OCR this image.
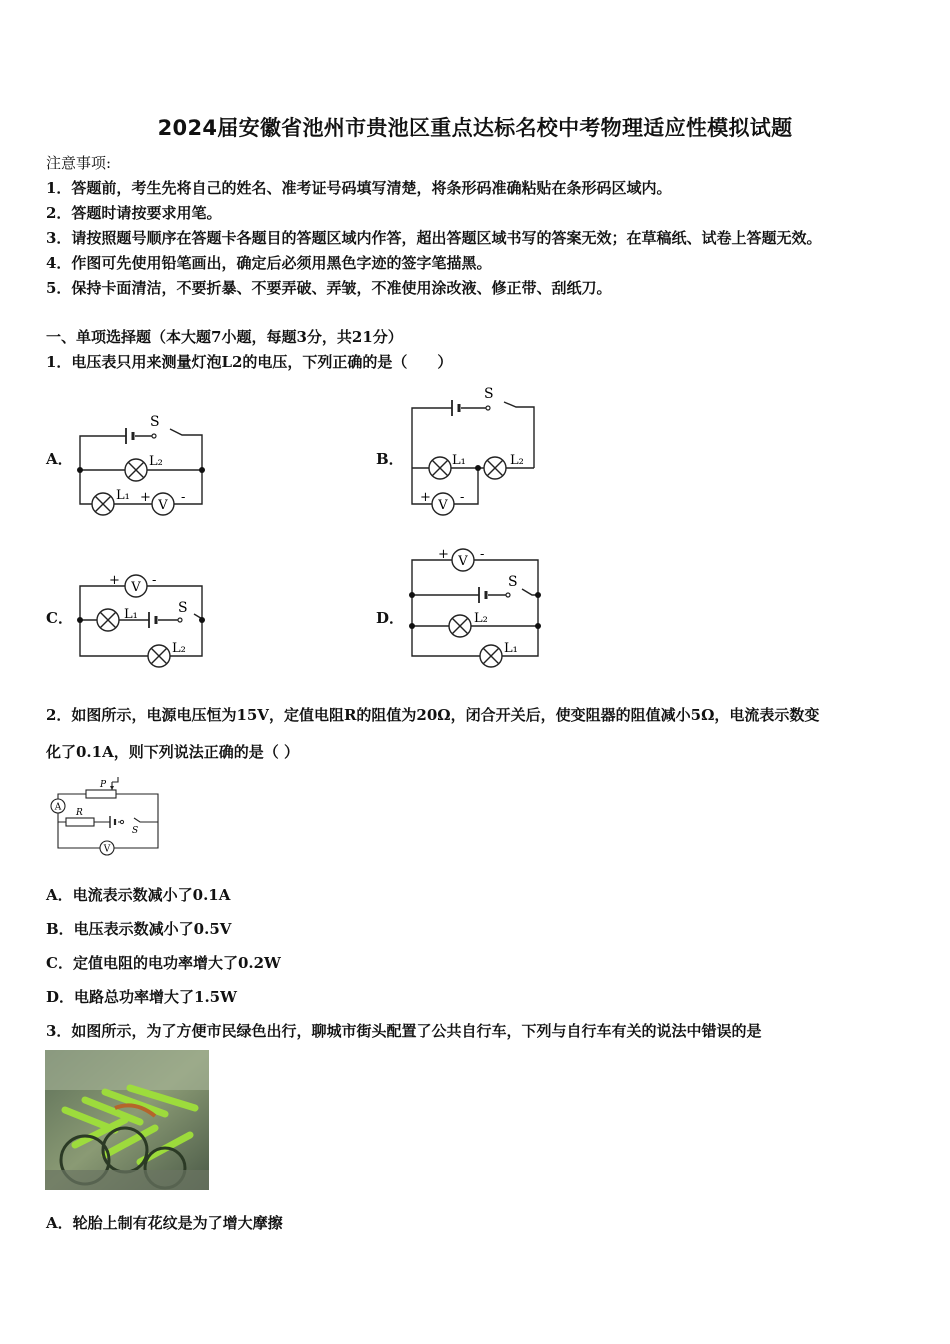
2024届安徽省池州市贵池区重点达标名校中考物理适应性模拟试题
注意事项:
1．答题前，考生先将自己的姓名、准考证号码填写清楚，将条形码准确粘贴在条形码区域内。
2．答题时请按要求用笔。
3．请按照题号顺序在答题卡各题目的答题区域内作答，超出答题区域书写的答案无效；在草稿纸、试卷上答题无效。
4．作图可先使用铅笔画出，确定后必须用黑色字迹的签字笔描黑。
5．保持卡面清洁，不要折暴、不要弄破、弄皱，不准使用涂改液、修正带、刮纸刀。
一、单项选择题（本大题7小题，每题3分，共21分）
1．电压表只用来测量灯泡L2的电压，下列正确的是（　　）
A．
V
S
L₂
L₁ + -
B．
V
S
L₁	L₂
+ -
C．
V
+ -
L₁	S
L₂
D．
V
+ -
S
L₂
L₁
2．如图所示，电源电压恒为15V，定值电阻R的阻值为20Ω，闭合开关后，使变阻器的阻值减小5Ω，电流表示数变
化了0.1A，则下列说法正确的是（ ）
A
V
P
R
S
A．电流表示数减小了0.1A
B．电压表示数减小了0.5V
C．定值电阻的电功率增大了0.2W
D．电路总功率增大了1.5W
3．如图所示，为了方便市民绿色出行，聊城市街头配置了公共自行车，下列与自行车有关的说法中错误的是
A．轮胎上制有花纹是为了增大摩擦
